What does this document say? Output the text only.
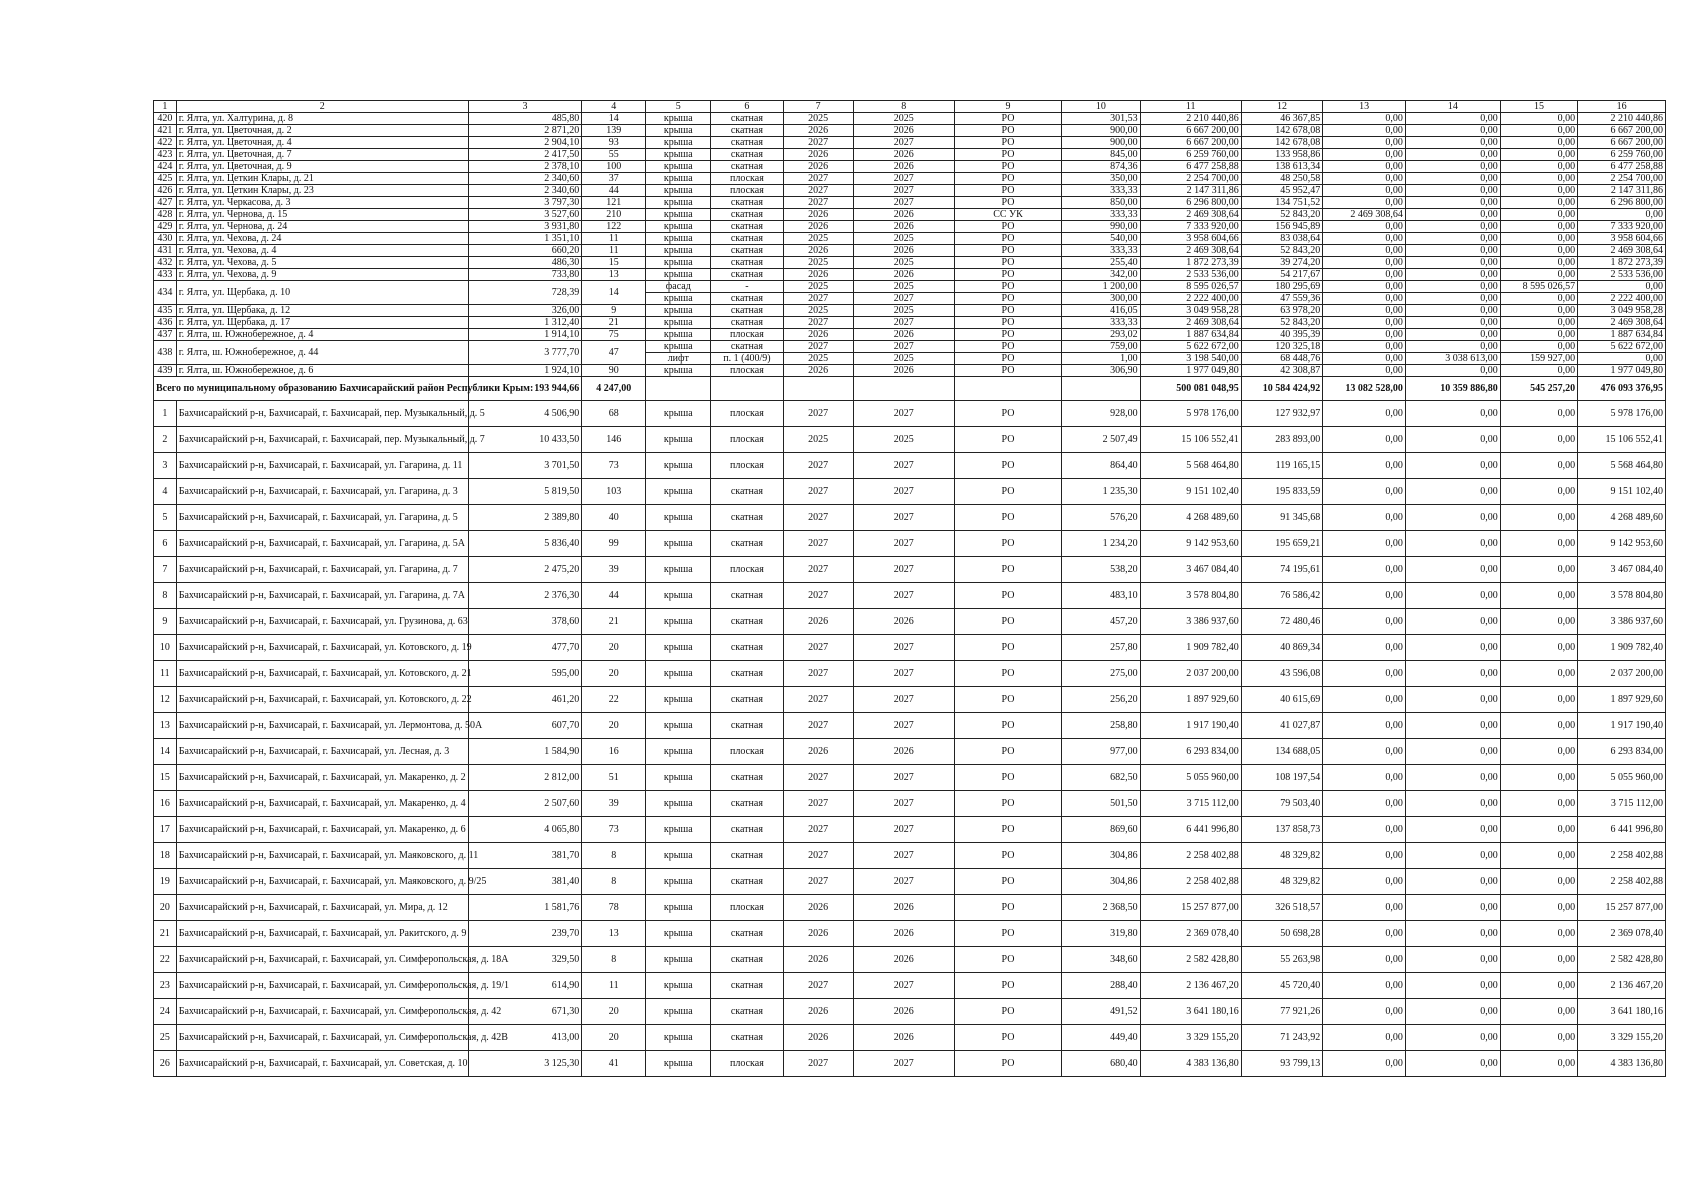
1	2	3	4	5	6	7	8	9	10	11	12	13	14	15	16
420	г. Ялта, ул. Халтурина, д. 8	485,80	14	крыша	скатная	2025	2025	РО	301,53	2 210 440,86	46 367,85	0,00	0,00	0,00	2 210 440,86
421	г. Ялта, ул. Цветочная, д. 2	2 871,20	139	крыша	скатная	2026	2026	РО	900,00	6 667 200,00	142 678,08	0,00	0,00	0,00	6 667 200,00
422	г. Ялта, ул. Цветочная, д. 4	2 904,10	93	крыша	скатная	2027	2027	РО	900,00	6 667 200,00	142 678,08	0,00	0,00	0,00	6 667 200,00
423	г. Ялта, ул. Цветочная, д. 7	2 417,50	55	крыша	скатная	2026	2026	РО	845,00	6 259 760,00	133 958,86	0,00	0,00	0,00	6 259 760,00
424	г. Ялта, ул. Цветочная, д. 9	2 378,10	100	крыша	скатная	2026	2026	РО	874,36	6 477 258,88	138 613,34	0,00	0,00	0,00	6 477 258,88
425	г. Ялта, ул. Цеткин Клары, д. 21	2 340,60	37	крыша	плоская	2027	2027	РО	350,00	2 254 700,00	48 250,58	0,00	0,00	0,00	2 254 700,00
426	г. Ялта, ул. Цеткин Клары, д. 23	2 340,60	44	крыша	плоская	2027	2027	РО	333,33	2 147 311,86	45 952,47	0,00	0,00	0,00	2 147 311,86
427	г. Ялта, ул. Черкасова, д. 3	3 797,30	121	крыша	скатная	2027	2027	РО	850,00	6 296 800,00	134 751,52	0,00	0,00	0,00	6 296 800,00
428	г. Ялта, ул. Чернова, д. 15	3 527,60	210	крыша	скатная	2026	2026	СС УК	333,33	2 469 308,64	52 843,20	2 469 308,64	0,00	0,00	0,00
429	г. Ялта, ул. Чернова, д. 24	3 931,80	122	крыша	скатная	2026	2026	РО	990,00	7 333 920,00	156 945,89	0,00	0,00	0,00	7 333 920,00
430	г. Ялта, ул. Чехова, д. 24	1 351,10	11	крыша	скатная	2025	2025	РО	540,00	3 958 604,66	83 038,64	0,00	0,00	0,00	3 958 604,66
431	г. Ялта, ул. Чехова, д. 4	660,20	11	крыша	скатная	2026	2026	РО	333,33	2 469 308,64	52 843,20	0,00	0,00	0,00	2 469 308,64
432	г. Ялта, ул. Чехова, д. 5	486,30	15	крыша	скатная	2025	2025	РО	255,40	1 872 273,39	39 274,20	0,00	0,00	0,00	1 872 273,39
433	г. Ялта, ул. Чехова, д. 9	733,80	13	крыша	скатная	2026	2026	РО	342,00	2 533 536,00	54 217,67	0,00	0,00	0,00	2 533 536,00
434	г. Ялта, ул. Щербака, д. 10	728,39	14	фасад	-	2025	2025	РО	1 200,00	8 595 026,57	180 295,69	0,00	0,00	8 595 026,57	0,00
				крыша	скатная	2027	2027	РО	300,00	2 222 400,00	47 559,36	0,00	0,00	0,00	2 222 400,00
435	г. Ялта, ул. Щербака, д. 12	326,00	9	крыша	скатная	2025	2025	РО	416,05	3 049 958,28	63 978,20	0,00	0,00	0,00	3 049 958,28
436	г. Ялта, ул. Щербака, д. 17	1 312,40	21	крыша	скатная	2027	2027	РО	333,33	2 469 308,64	52 843,20	0,00	0,00	0,00	2 469 308,64
437	г. Ялта, ш. Южнобережное, д. 4	1 914,10	75	крыша	плоская	2026	2026	РО	293,02	1 887 634,84	40 395,39	0,00	0,00	0,00	1 887 634,84
438	г. Ялта, ш. Южнобережное, д. 44	3 777,70	47	крыша	скатная	2027	2027	РО	759,00	5 622 672,00	120 325,18	0,00	0,00	0,00	5 622 672,00
				лифт	п. 1 (400/9)	2025	2025	РО	1,00	3 198 540,00	68 448,76	0,00	3 038 613,00	159 927,00	0,00
439	г. Ялта, ш. Южнобережное, д. 6	1 924,10	90	крыша	плоская	2026	2026	РО	306,90	1 977 049,80	42 308,87	0,00	0,00	0,00	1 977 049,80
Всего по муниципальному образованию Бахчисарайский район Республики Крым:		193 944,66	4 247,00							500 081 048,95	10 584 424,92	13 082 528,00	10 359 886,80	545 257,20	476 093 376,95
1	Бахчисарайский р-н, Бахчисарай, г. Бахчисарай, пер. Музыкальный, д. 5	4 506,90	68	крыша	плоская	2027	2027	РО	928,00	5 978 176,00	127 932,97	0,00	0,00	0,00	5 978 176,00
2	Бахчисарайский р-н, Бахчисарай, г. Бахчисарай, пер. Музыкальный, д. 7	10 433,50	146	крыша	плоская	2025	2025	РО	2 507,49	15 106 552,41	283 893,00	0,00	0,00	0,00	15 106 552,41
3	Бахчисарайский р-н, Бахчисарай, г. Бахчисарай, ул. Гагарина, д. 11	3 701,50	73	крыша	плоская	2027	2027	РО	864,40	5 568 464,80	119 165,15	0,00	0,00	0,00	5 568 464,80
4	Бахчисарайский р-н, Бахчисарай, г. Бахчисарай, ул. Гагарина, д. 3	5 819,50	103	крыша	скатная	2027	2027	РО	1 235,30	9 151 102,40	195 833,59	0,00	0,00	0,00	9 151 102,40
5	Бахчисарайский р-н, Бахчисарай, г. Бахчисарай, ул. Гагарина, д. 5	2 389,80	40	крыша	скатная	2027	2027	РО	576,20	4 268 489,60	91 345,68	0,00	0,00	0,00	4 268 489,60
6	Бахчисарайский р-н, Бахчисарай, г. Бахчисарай, ул. Гагарина, д. 5А	5 836,40	99	крыша	скатная	2027	2027	РО	1 234,20	9 142 953,60	195 659,21	0,00	0,00	0,00	9 142 953,60
7	Бахчисарайский р-н, Бахчисарай, г. Бахчисарай, ул. Гагарина, д. 7	2 475,20	39	крыша	плоская	2027	2027	РО	538,20	3 467 084,40	74 195,61	0,00	0,00	0,00	3 467 084,40
8	Бахчисарайский р-н, Бахчисарай, г. Бахчисарай, ул. Гагарина, д. 7А	2 376,30	44	крыша	скатная	2027	2027	РО	483,10	3 578 804,80	76 586,42	0,00	0,00	0,00	3 578 804,80
9	Бахчисарайский р-н, Бахчисарай, г. Бахчисарай, ул. Грузинова, д. 63	378,60	21	крыша	скатная	2026	2026	РО	457,20	3 386 937,60	72 480,46	0,00	0,00	0,00	3 386 937,60
10	Бахчисарайский р-н, Бахчисарай, г. Бахчисарай, ул. Котовского, д. 19	477,70	20	крыша	скатная	2027	2027	РО	257,80	1 909 782,40	40 869,34	0,00	0,00	0,00	1 909 782,40
11	Бахчисарайский р-н, Бахчисарай, г. Бахчисарай, ул. Котовского, д. 21	595,00	20	крыша	скатная	2027	2027	РО	275,00	2 037 200,00	43 596,08	0,00	0,00	0,00	2 037 200,00
12	Бахчисарайский р-н, Бахчисарай, г. Бахчисарай, ул. Котовского, д. 22	461,20	22	крыша	скатная	2027	2027	РО	256,20	1 897 929,60	40 615,69	0,00	0,00	0,00	1 897 929,60
13	Бахчисарайский р-н, Бахчисарай, г. Бахчисарай, ул. Лермонтова, д. 50А	607,70	20	крыша	скатная	2027	2027	РО	258,80	1 917 190,40	41 027,87	0,00	0,00	0,00	1 917 190,40
14	Бахчисарайский р-н, Бахчисарай, г. Бахчисарай, ул. Лесная, д. 3	1 584,90	16	крыша	плоская	2026	2026	РО	977,00	6 293 834,00	134 688,05	0,00	0,00	0,00	6 293 834,00
15	Бахчисарайский р-н, Бахчисарай, г. Бахчисарай, ул. Макаренко, д. 2	2 812,00	51	крыша	скатная	2027	2027	РО	682,50	5 055 960,00	108 197,54	0,00	0,00	0,00	5 055 960,00
16	Бахчисарайский р-н, Бахчисарай, г. Бахчисарай, ул. Макаренко, д. 4	2 507,60	39	крыша	скатная	2027	2027	РО	501,50	3 715 112,00	79 503,40	0,00	0,00	0,00	3 715 112,00
17	Бахчисарайский р-н, Бахчисарай, г. Бахчисарай, ул. Макаренко, д. 6	4 065,80	73	крыша	скатная	2027	2027	РО	869,60	6 441 996,80	137 858,73	0,00	0,00	0,00	6 441 996,80
18	Бахчисарайский р-н, Бахчисарай, г. Бахчисарай, ул. Маяковского, д. 11	381,70	8	крыша	скатная	2027	2027	РО	304,86	2 258 402,88	48 329,82	0,00	0,00	0,00	2 258 402,88
19	Бахчисарайский р-н, Бахчисарай, г. Бахчисарай, ул. Маяковского, д. 9/25	381,40	8	крыша	скатная	2027	2027	РО	304,86	2 258 402,88	48 329,82	0,00	0,00	0,00	2 258 402,88
20	Бахчисарайский р-н, Бахчисарай, г. Бахчисарай, ул. Мира, д. 12	1 581,76	78	крыша	плоская	2026	2026	РО	2 368,50	15 257 877,00	326 518,57	0,00	0,00	0,00	15 257 877,00
21	Бахчисарайский р-н, Бахчисарай, г. Бахчисарай, ул. Ракитского, д. 9	239,70	13	крыша	скатная	2026	2026	РО	319,80	2 369 078,40	50 698,28	0,00	0,00	0,00	2 369 078,40
22	Бахчисарайский р-н, Бахчисарай, г. Бахчисарай, ул. Симферопольская, д. 18А	329,50	8	крыша	скатная	2026	2026	РО	348,60	2 582 428,80	55 263,98	0,00	0,00	0,00	2 582 428,80
23	Бахчисарайский р-н, Бахчисарай, г. Бахчисарай, ул. Симферопольская, д. 19/1	614,90	11	крыша	скатная	2027	2027	РО	288,40	2 136 467,20	45 720,40	0,00	0,00	0,00	2 136 467,20
24	Бахчисарайский р-н, Бахчисарай, г. Бахчисарай, ул. Симферопольская, д. 42	671,30	20	крыша	скатная	2026	2026	РО	491,52	3 641 180,16	77 921,26	0,00	0,00	0,00	3 641 180,16
25	Бахчисарайский р-н, Бахчисарай, г. Бахчисарай, ул. Симферопольская, д. 42В	413,00	20	крыша	скатная	2026	2026	РО	449,40	3 329 155,20	71 243,92	0,00	0,00	0,00	3 329 155,20
26	Бахчисарайский р-н, Бахчисарай, г. Бахчисарай, ул. Советская, д. 10	3 125,30	41	крыша	плоская	2027	2027	РО	680,40	4 383 136,80	93 799,13	0,00	0,00	0,00	4 383 136,80
